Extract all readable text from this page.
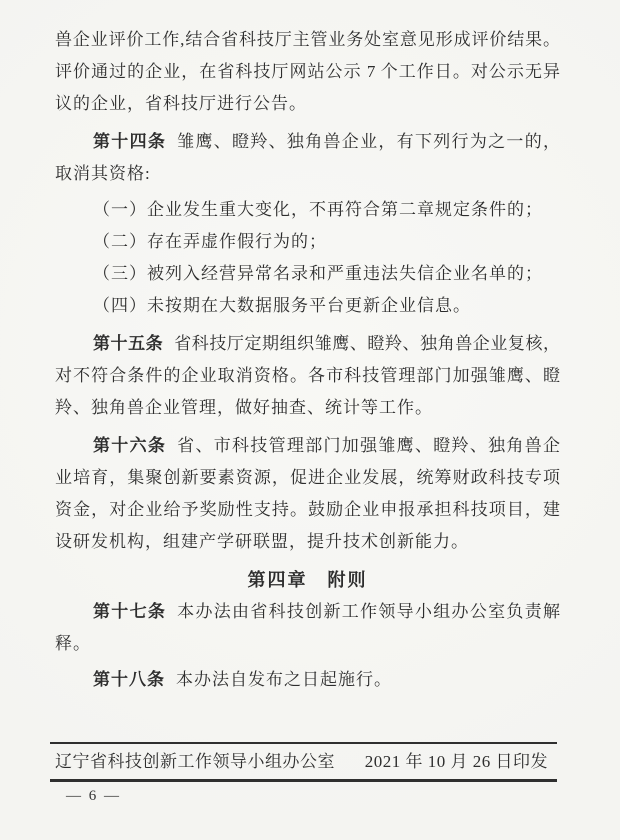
兽企业评价工作,结合省科技厅主管业务处室意见形成评价结果。
评价通过的企业，在省科技厅网站公示 7 个工作日。对公示无异
议的企业，省科技厅进行公告。
第十四条 雏鹰、瞪羚、独角兽企业，有下列行为之一的，
取消其资格:
（一）企业发生重大变化，不再符合第二章规定条件的；
（二）存在弄虚作假行为的；
（三）被列入经营异常名录和严重违法失信企业名单的；
（四）未按期在大数据服务平台更新企业信息。
第十五条 省科技厅定期组织雏鹰、瞪羚、独角兽企业复核，
对不符合条件的企业取消资格。各市科技管理部门加强雏鹰、瞪
羚、独角兽企业管理，做好抽查、统计等工作。
第十六条 省、市科技管理部门加强雏鹰、瞪羚、独角兽企
业培育，集聚创新要素资源，促进企业发展，统筹财政科技专项
资金，对企业给予奖励性支持。鼓励企业申报承担科技项目，建
设研发机构，组建产学研联盟，提升技术创新能力。
第四章　附则
第十七条 本办法由省科技创新工作领导小组办公室负责解
释。
第十八条 本办法自发布之日起施行。
辽宁省科技创新工作领导小组办公室 2021 年 10 月 26 日印发
— 6 —
